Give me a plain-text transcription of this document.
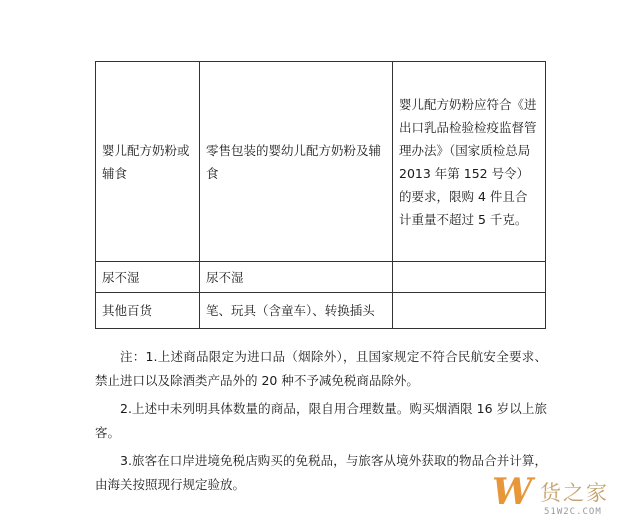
婴儿配方奶粉或辅食	零售包装的婴幼儿配方奶粉及辅食	婴儿配方奶粉应符合《进出口乳品检验检疫监督管理办法》（国家质检总局 2013 年第 152 号令）的要求，限购 4 件且合计重量不超过 5 千克。
尿不湿	尿不湿	
其他百货	笔、玩具（含童车）、转换插头	

注：1.上述商品限定为进口品（烟除外），且国家规定不符合民航安全要求、禁止进口以及除酒类产品外的 20 种不予减免税商品除外。

2.上述中未列明具体数量的商品，限自用合理数量。购买烟酒限 16 岁以上旅客。

3.旅客在口岸进境免税店购买的免税品，与旅客从境外获取的物品合并计算，由海关按照现行规定验放。	W 货之家
51W2C.COM
